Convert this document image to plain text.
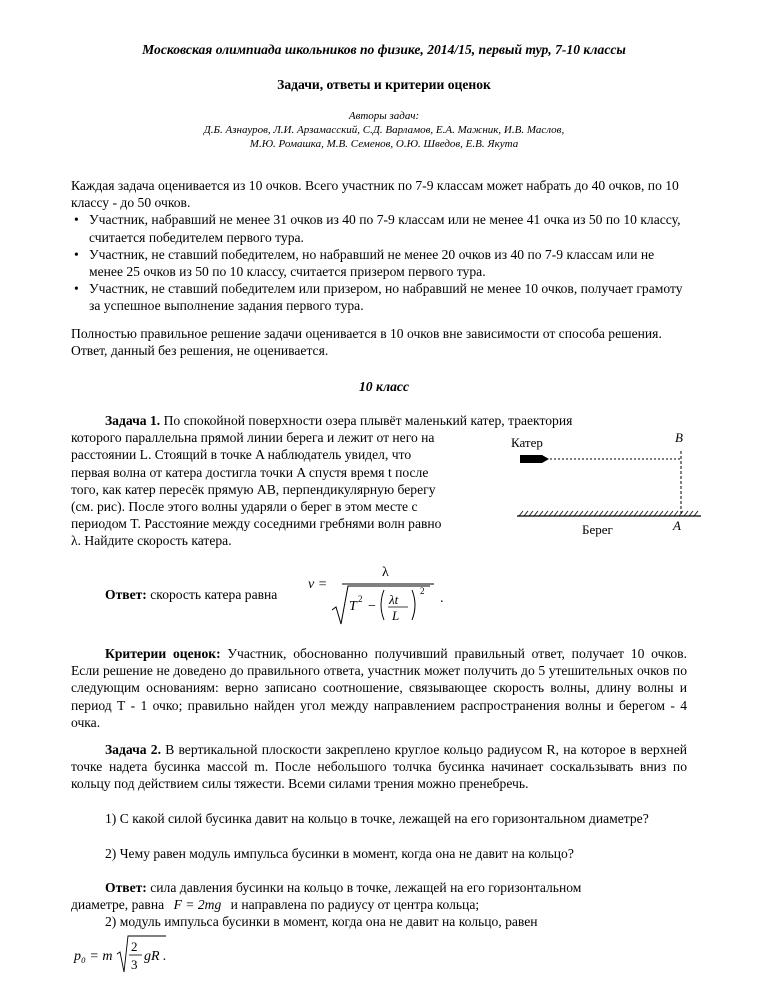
Московская олимпиада школьников по физике, 2014/15, первый тур, 7-10 классы
Задачи, ответы и критерии оценок
Авторы задач:
Д.Б. Азнауров, Л.И. Арзамасский, С.Д. Варламов, Е.А. Мажник, И.В. Маслов,
М.Ю. Ромашка, М.В. Семенов, О.Ю. Шведов, Е.В. Якута
Каждая задача оценивается из 10 очков. Всего участник по 7-9 классам может набрать до 40 очков, по 10 классу - до 50 очков.
• Участник, набравший не менее 31 очков из 40 по 7-9 классам или не менее 41 очка из 50 по 10 классу, считается победителем первого тура.
• Участник, не ставший победителем, но набравший не менее 20 очков из 40 по 7-9 классам или не менее 25 очков из 50 по 10 классу, считается призером первого тура.
• Участник, не ставший победителем или призером, но набравший не менее 10 очков, получает грамоту за успешное выполнение задания первого тура.
Полностью правильное решение задачи оценивается в 10 очков вне зависимости от способа решения. Ответ, данный без решения, не оценивается.
10 класс
Задача 1. По спокойной поверхности озера плывёт маленький катер, траектория
которого параллельна прямой линии берега и лежит от него на
расстоянии L. Стоящий в точке A наблюдатель увидел, что
первая волна от катера достигла точки A спустя время t после
того, как катер пересёк прямую AB, перпендикулярную берегу
(см. рис). После этого волны ударяли о берег в этом месте с
периодом T. Расстояние между соседними гребнями волн равно
λ. Найдите скорость катера.
Катер	B
Берег	A
Ответ: скорость катера равна
v =
λ
T 2 − λt
L
2 .
Критерии оценок: Участник, обоснованно получивший правильный ответ, получает 10 очков. Если решение не доведено до правильного ответа, участник может получить до 5 утешительных очков по следующим основаниям: верно записано соотношение, связывающее скорость волны, длину волны и период Т - 1 очко; правильно найден угол между направлением распространения волны и берегом - 4 очка.
Задача 2. В вертикальной плоскости закреплено круглое кольцо радиусом R, на которое в верхней точке надета бусинка массой m. После небольшого толчка бусинка начинает соскальзывать вниз по кольцу под действием силы тяжести. Всеми силами трения можно пренебречь.
1) С какой силой бусинка давит на кольцо в точке, лежащей на его горизонтальном диаметре?
2) Чему равен модуль импульса бусинки в момент, когда она не давит на кольцо?
Ответ: сила давления бусинки на кольцо в точке, лежащей на его горизонтальном
диаметре, равна F = 2mg и направлена по радиусу от центра кольца;
2) модуль импульса бусинки в момент, когда она не давит на кольцо, равен
p₀ = m
2
3
gR .
